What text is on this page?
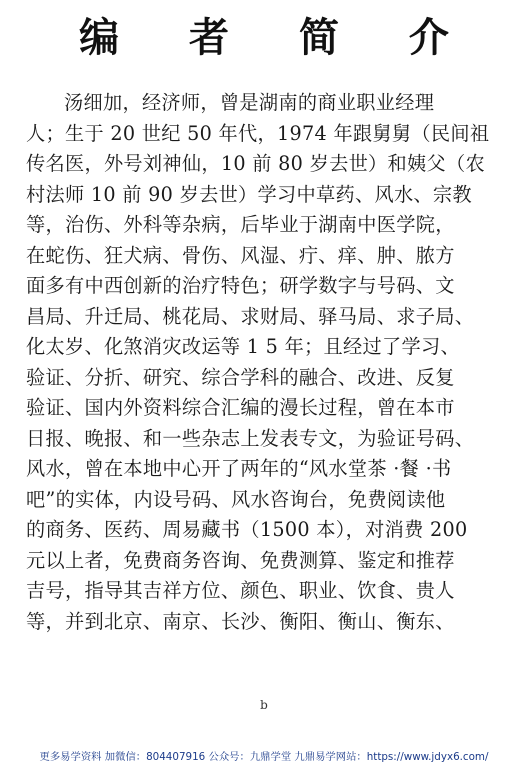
编 者 简 介
汤细加，经济师，曾是湖南的商业职业经理
人；生于 20 世纪 50 年代，1974 年跟舅舅（民间祖
传名医，外号刘神仙，10 前 80 岁去世）和姨父（农
村法师 10 前 90 岁去世）学习中草药、风水、宗教
等，治伤、外科等杂病，后毕业于湖南中医学院，
在蛇伤、狂犬病、骨伤、风湿、疔、痒、肿、脓方
面多有中西创新的治疗特色；研学数字与号码、文
昌局、升迁局、桃花局、求财局、驿马局、求子局、
化太岁、化煞消灾改运等 1 5 年；且经过了学习、
验证、分折、研究、综合学科的融合、改进、反复
验证、国内外资料综合汇编的漫长过程，曾在本市
日报、晚报、和一些杂志上发表专文，为验证号码、
风水，曾在本地中心开了两年的“风水堂茶 ·餐 ·书
吧”的实体，内设号码、风水咨询台，免费阅读他
的商务、医药、周易藏书（1500 本），对消费 200
元以上者，免费商务咨询、免费测算、鉴定和推荐
吉号，指导其吉祥方位、颜色、职业、饮食、贵人
等，并到北京、南京、长沙、衡阳、衡山、衡东、
b
更多易学资料 加微信：804407916 公众号：九鼎学堂 九鼎易学网站：https://www.jdyx6.com/
